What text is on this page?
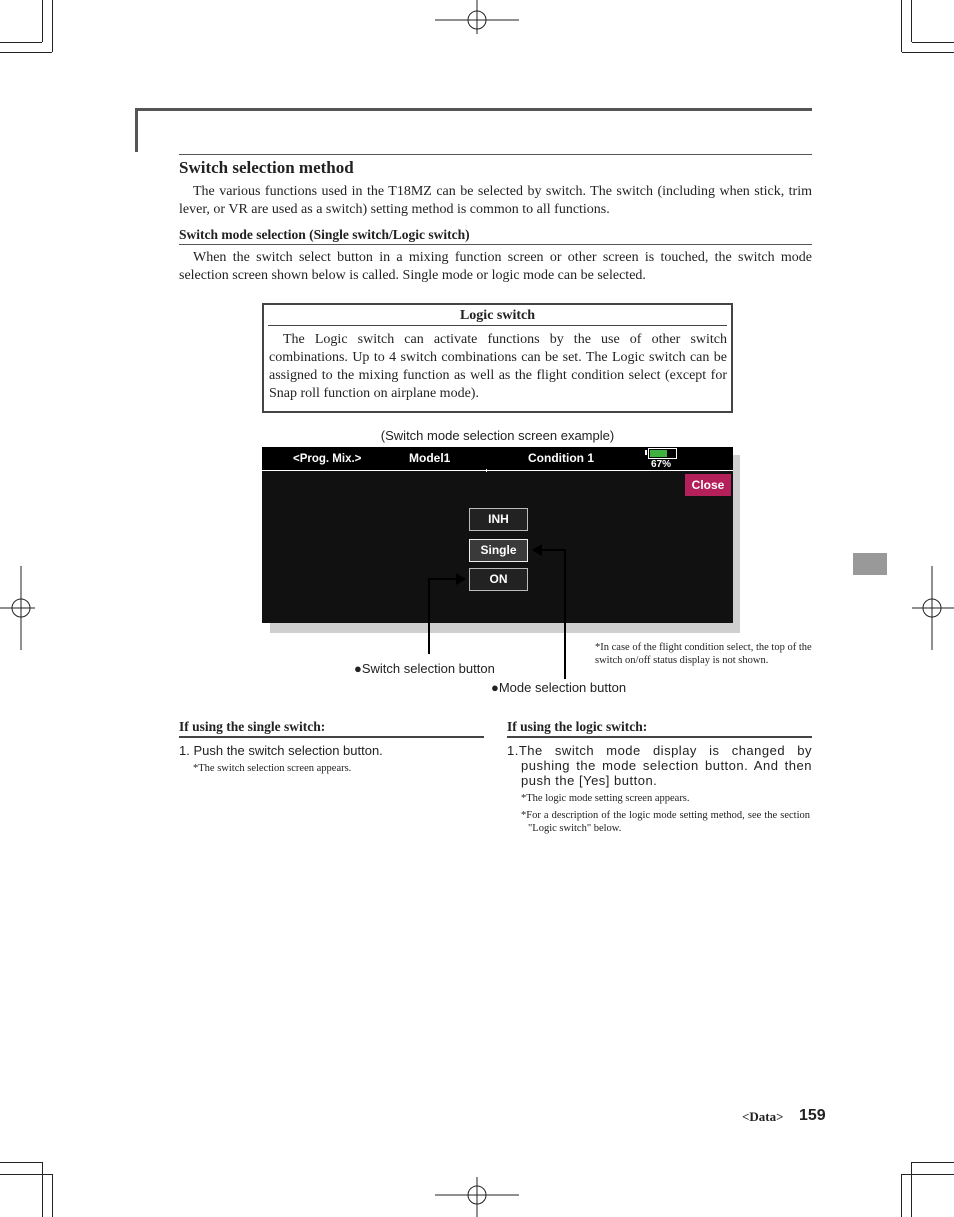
Switch selection method
The various functions used in the T18MZ can be selected by switch. The switch (including when stick, trim lever, or VR are used as a switch) setting method is common to all functions.
Switch mode selection (Single switch/Logic switch)
When the switch select button in a mixing function screen or other screen is touched, the switch mode selection screen shown below is called. Single mode or logic mode can be selected.
Logic switch
The Logic switch can activate functions by the use of other switch combinations. Up to 4 switch combinations can be set. The Logic switch can be assigned to the mixing function as well as the flight condition select (except for Snap roll function on airplane mode).
(Switch mode selection screen example)
<Prog. Mix.>	Model1	Condition 1	67%
Close
INH
Single
ON
*In case of the flight condition select, the top of the switch on/off status display is not shown.
●Switch selection button
●Mode selection button
If using the single switch:
1. Push the switch selection button.
*The switch selection screen appears.
If using the logic switch:
1.The switch mode display is changed by pushing the mode selection button. And then push the [Yes] button.
*The logic mode setting screen appears.
*For a description of the logic mode setting method, see the section "Logic switch" below.
<Data> 159
